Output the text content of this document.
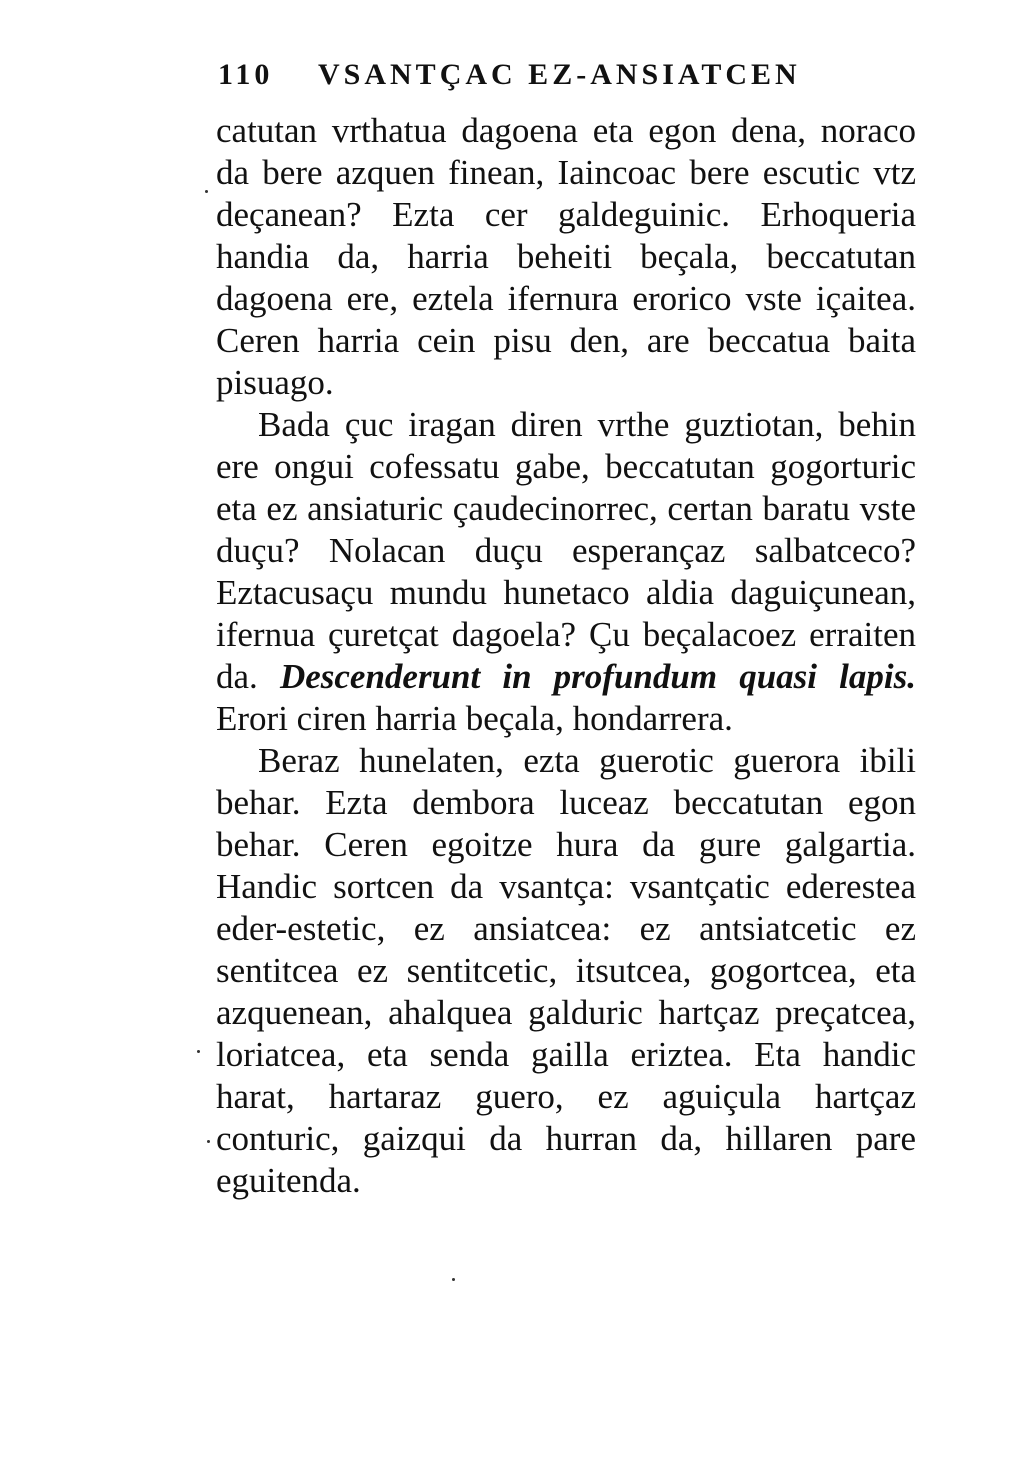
110	VSANTÇAC EZ-ANSIATCEN

catutan vrthatua dagoena eta egon dena, noraco da bere azquen finean, Iaincoac bere escutic vtz deçanean? Ezta cer galdeguinic. Erhoqueria handia da, harria beheiti beçala, beccatutan dagoena ere, eztela ifernura erorico vste içaitea. Ceren harria cein pisu den, are beccatua baita pisuago.

Bada çuc iragan diren vrthe guztiotan, behin ere ongui cofessatu gabe, beccatutan gogorturic eta ez ansiaturic çaudecinorrec, certan baratu vste duçu? Nolacan duçu esperançaz salbatceco? Eztacusaçu mundu hunetaco aldia daguiçunean, ifernua çuretçat dagoela? Çu beçalacoez erraiten da. Descenderunt in profundum quasi lapis. Erori ciren harria beçala, hondarrera.

Beraz hunelaten, ezta guerotic guerora ibili behar. Ezta dembora luceaz beccatutan egon behar. Ceren egoitze hura da gure galgartia. Handic sortcen da vsantça: vsantçatic ederestea eder-estetic, ez ansiatcea: ez antsiatcetic ez sentitcea ez sentitcetic, itsutcea, gogortcea, eta azquenean, ahalquea galduric hartçaz preçatcea, loriatcea, eta senda gailla eriztea. Eta handic harat, hartaraz guero, ez aguiçula hartçaz conturic, gaizqui da hurran da, hillaren pare eguitenda.
